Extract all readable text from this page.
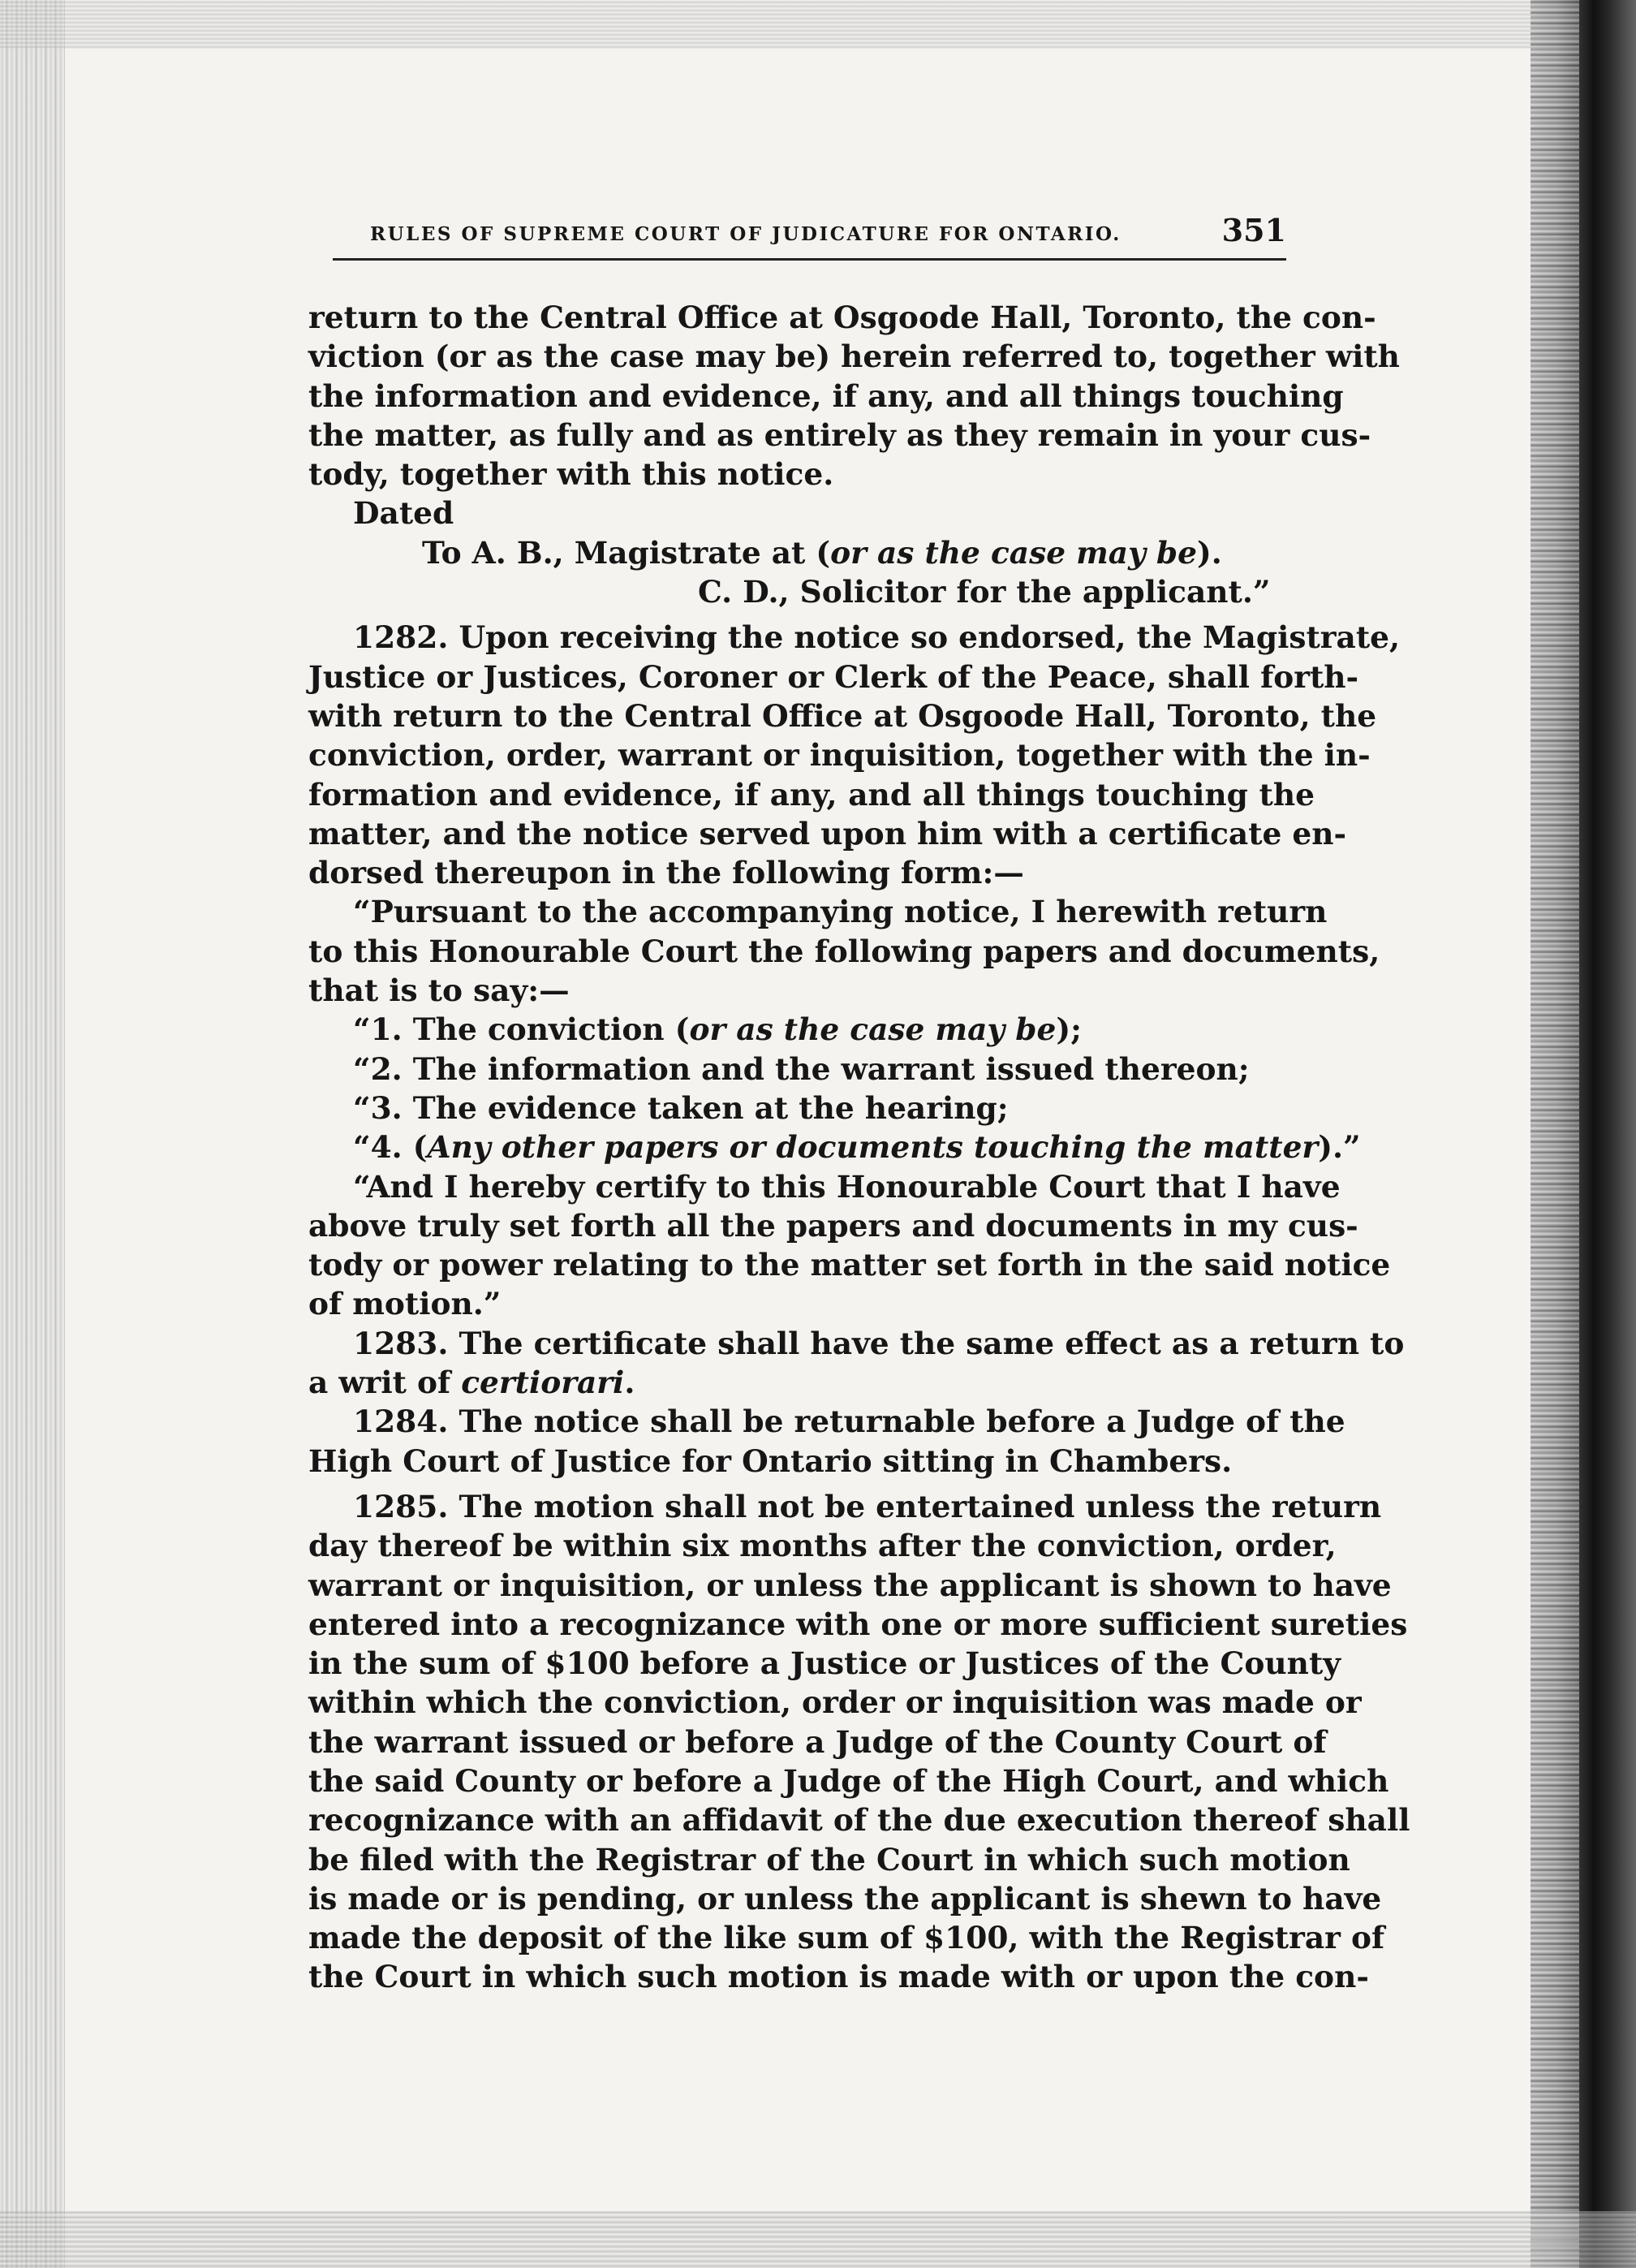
RULES OF SUPREME COURT OF JUDICATURE FOR ONTARIO.	351
return to the Central Office at Osgoode Hall, Toronto, the con-
viction (or as the case may be) herein referred to, together with
the information and evidence, if any, and all things touching
the matter, as fully and as entirely as they remain in your cus-
tody, together with this notice.
Dated
To A. B., Magistrate at (or as the case may be).
C. D., Solicitor for the applicant.”
1282. Upon receiving the notice so endorsed, the Magistrate,
Justice or Justices, Coroner or Clerk of the Peace, shall forth-
with return to the Central Office at Osgoode Hall, Toronto, the
conviction, order, warrant or inquisition, together with the in-
formation and evidence, if any, and all things touching the
matter, and the notice served upon him with a certificate en-
dorsed thereupon in the following form:—
“Pursuant to the accompanying notice, I herewith return
to this Honourable Court the following papers and documents,
that is to say:—
“1. The conviction (or as the case may be);
“2. The information and the warrant issued thereon;
“3. The evidence taken at the hearing;
“4. (Any other papers or documents touching the matter).”
“And I hereby certify to this Honourable Court that I have
above truly set forth all the papers and documents in my cus-
tody or power relating to the matter set forth in the said notice
of motion.”
1283. The certificate shall have the same effect as a return to
a writ of certiorari.
1284. The notice shall be returnable before a Judge of the
High Court of Justice for Ontario sitting in Chambers.
1285. The motion shall not be entertained unless the return
day thereof be within six months after the conviction, order,
warrant or inquisition, or unless the applicant is shown to have
entered into a recognizance with one or more sufficient sureties
in the sum of $100 before a Justice or Justices of the County
within which the conviction, order or inquisition was made or
the warrant issued or before a Judge of the County Court of
the said County or before a Judge of the High Court, and which
recognizance with an affidavit of the due execution thereof shall
be filed with the Registrar of the Court in which such motion
is made or is pending, or unless the applicant is shewn to have
made the deposit of the like sum of $100, with the Registrar of
the Court in which such motion is made with or upon the con-
